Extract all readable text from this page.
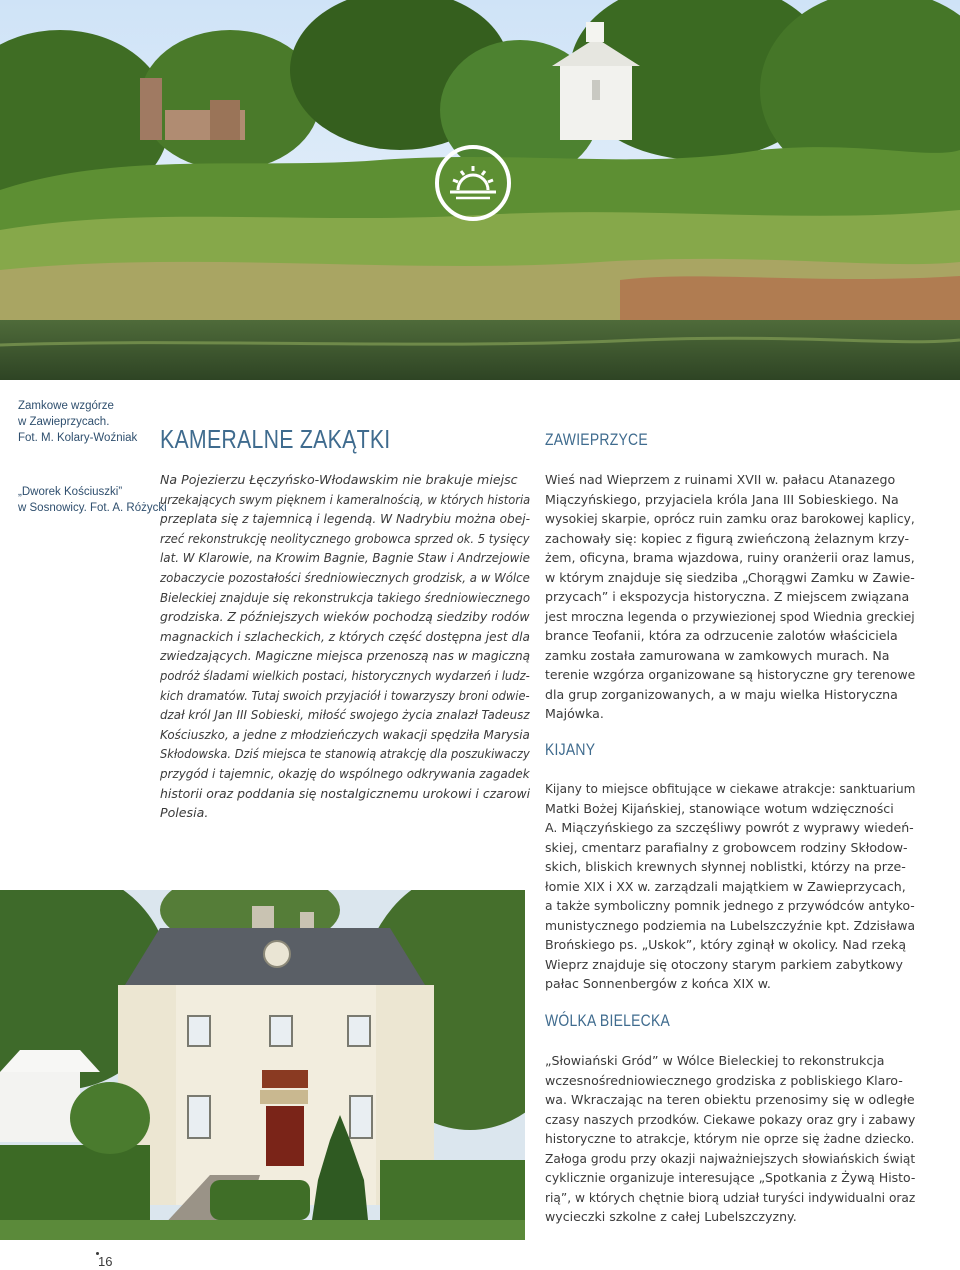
Zamkowe wzgórze
w Zawieprzycach.
Fot. M. Kolary-Woźniak
„Dworek Kościuszki”
w Sosnowicy. Fot. A. Różycki
KAMERALNE ZAKĄTKI
Na Pojezierzu Łęczyńsko-Włodawskim nie brakuje miejsc
urzekających swym pięknem i kameralnością, w których historia
przeplata się z tajemnicą i legendą. W Nadrybiu można obej-
rzeć rekonstrukcję neolitycznego grobowca sprzed ok. 5 tysięcy
lat. W Klarowie, na Krowim Bagnie, Bagnie Staw i Andrzejowie
zobaczycie pozostałości średniowiecznych grodzisk, a w Wólce
Bieleckiej znajduje się rekonstrukcja takiego średniowiecznego
grodziska. Z późniejszych wieków pochodzą siedziby rodów
magnackich i szlacheckich, z których część dostępna jest dla
zwiedzających. Magiczne miejsca przenoszą nas w magiczną
podróż śladami wielkich postaci, historycznych wydarzeń i ludz-
kich dramatów. Tutaj swoich przyjaciół i towarzyszy broni odwie-
dzał król Jan III Sobieski, miłość swojego życia znalazł Tadeusz
Kościuszko, a jedne z młodzieńczych wakacji spędziła Marysia
Skłodowska. Dziś miejsca te stanowią atrakcję dla poszukiwaczy
przygód i tajemnic, okazję do wspólnego odkrywania zagadek
historii oraz poddania się nostalgicznemu urokowi i czarowi
Polesia.
ZAWIEPRZYCE
Wieś nad Wieprzem z ruinami XVII w. pałacu Atanazego
Miączyńskiego, przyjaciela króla Jana III Sobieskiego. Na
wysokiej skarpie, oprócz ruin zamku oraz barokowej kaplicy,
zachowały się: kopiec z figurą zwieńczoną żelaznym krzy-
żem, oficyna, brama wjazdowa, ruiny oranżerii oraz lamus,
w którym znajduje się siedziba „Chorągwi Zamku w Zawie-
przycach” i ekspozycja historyczna. Z miejscem związana
jest mroczna legenda o przywiezionej spod Wiednia greckiej
brance Teofanii, która za odrzucenie zalotów właściciela
zamku została zamurowana w zamkowych murach. Na
terenie wzgórza organizowane są historyczne gry terenowe
dla grup zorganizowanych, a w maju wielka Historyczna
Majówka.
KIJANY
Kijany to miejsce obfitujące w ciekawe atrakcje: sanktuarium
Matki Bożej Kijańskiej, stanowiące wotum wdzięczności
A. Miączyńskiego za szczęśliwy powrót z wyprawy wiedeń-
skiej, cmentarz parafialny z grobowcem rodziny Skłodow-
skich, bliskich krewnych słynnej noblistki, którzy na prze-
łomie XIX i XX w. zarządzali majątkiem w Zawieprzycach,
a także symboliczny pomnik jednego z przywódców antyko-
munistycznego podziemia na Lubelszczyźnie kpt. Zdzisława
Brońskiego ps. „Uskok”, który zginął w okolicy. Nad rzeką
Wieprz znajduje się otoczony starym parkiem zabytkowy
pałac Sonnenbergów z końca XIX w.
WÓLKA BIELECKA
„Słowiański Gród” w Wólce Bieleckiej to rekonstrukcja
wczesnośredniowiecznego grodziska z pobliskiego Klaro-
wa. Wkraczając na teren obiektu przenosimy się w odległe
czasy naszych przodków. Ciekawe pokazy oraz gry i zabawy
historyczne to atrakcje, którym nie oprze się żadne dziecko.
Załoga grodu przy okazji najważniejszych słowiańskich świąt
cyklicznie organizuje interesujące „Spotkania z Żywą Histo-
rią”, w których chętnie biorą udział turyści indywidualni oraz
wycieczki szkolne z całej Lubelszczyzny.
16
